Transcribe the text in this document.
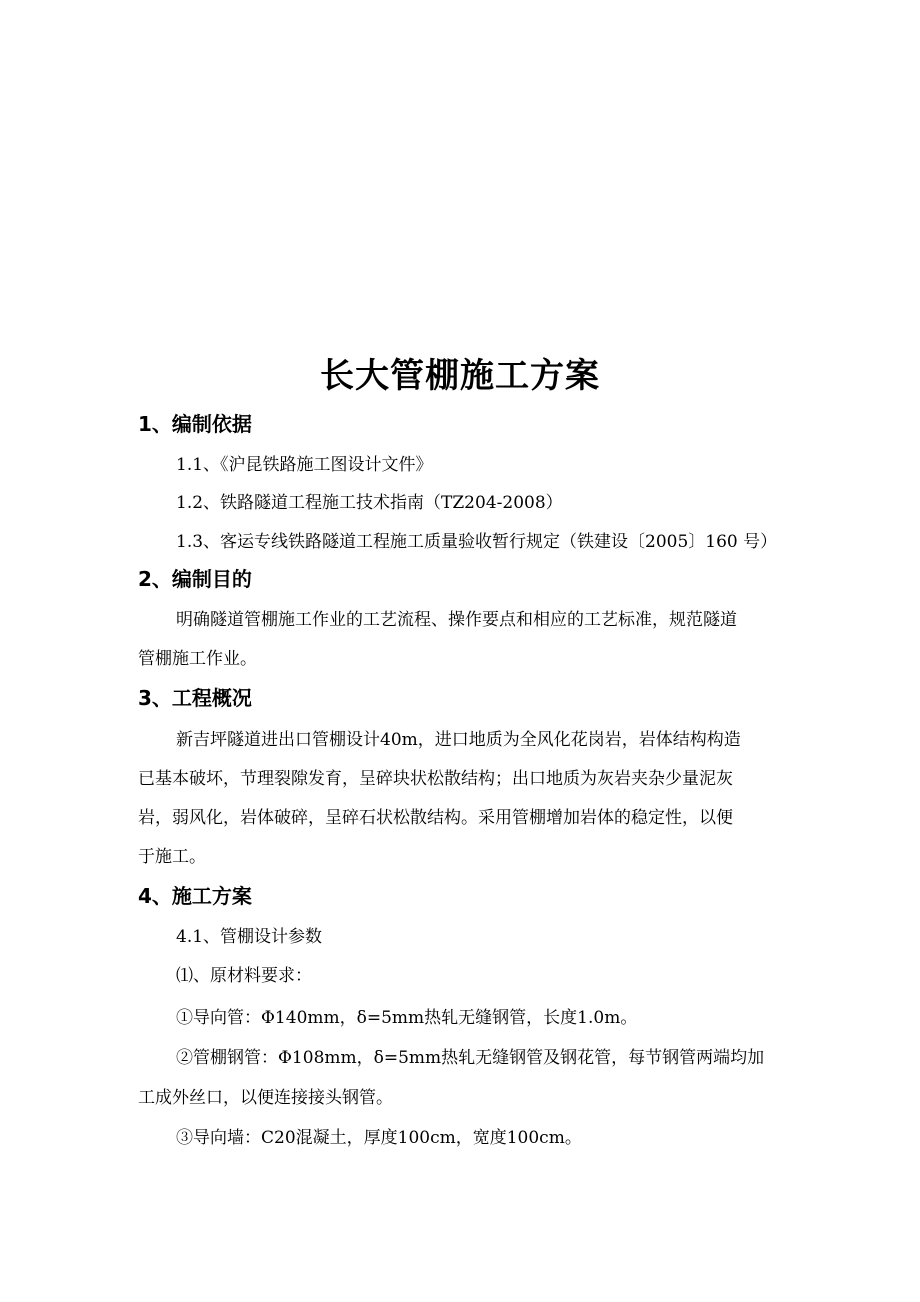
长大管棚施工方案
1、编制依据
1.1、《沪昆铁路施工图设计文件》
1.2、铁路隧道工程施工技术指南（TZ204-2008）
1.3、客运专线铁路隧道工程施工质量验收暂行规定（铁建设〔2005〕160 号）
2、编制目的
明确隧道管棚施工作业的工艺流程、操作要点和相应的工艺标准，规范隧道
管棚施工作业。
3、工程概况
新吉坪隧道进出口管棚设计40m，进口地质为全风化花岗岩，岩体结构构造
已基本破坏，节理裂隙发育，呈碎块状松散结构；出口地质为灰岩夹杂少量泥灰
岩，弱风化，岩体破碎，呈碎石状松散结构。采用管棚增加岩体的稳定性，以便
于施工。
4、施工方案
4.1、管棚设计参数
⑴、原材料要求：
①导向管：Φ140mm，δ=5mm热轧无缝钢管，长度1.0m。
②管棚钢管：Φ108mm，δ=5mm热轧无缝钢管及钢花管，每节钢管两端均加
工成外丝口，以便连接接头钢管。
③导向墙：C20混凝土，厚度100cm，宽度100cm。
